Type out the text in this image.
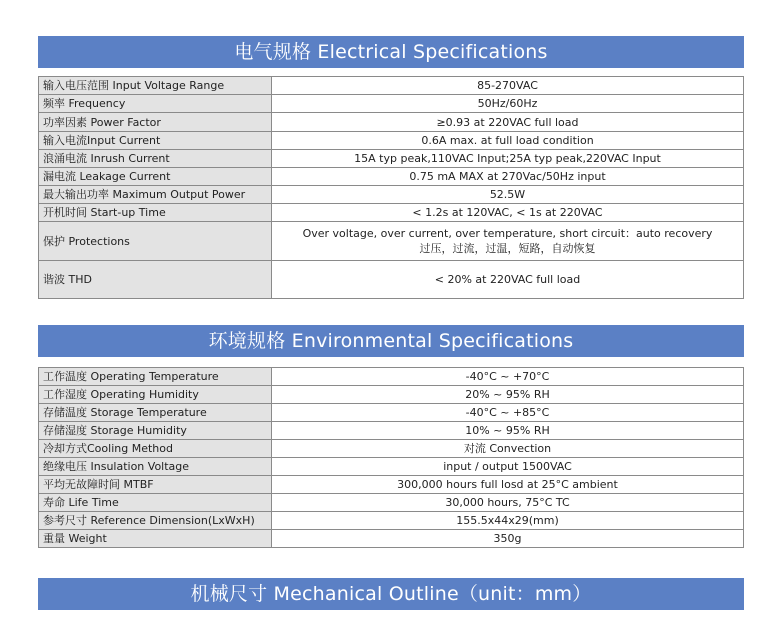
电气规格 Electrical Specifications
输入电压范围 Input Voltage Range	85-270VAC
频率 Frequency	50Hz/60Hz
功率因素 Power Factor	≥0.93 at 220VAC full load
输入电流Input Current	0.6A max. at full load condition
浪涌电流 Inrush Current	15A typ peak,110VAC Input;25A typ peak,220VAC Input
漏电流 Leakage Current	0.75 mA MAX at 270Vac/50Hz input
最大输出功率 Maximum Output Power	52.5W
开机时间 Start-up Time	< 1.2s at 120VAC, < 1s at 220VAC
保护 Protections	Over voltage, over current, over temperature, short circuit：auto recovery
过压，过流，过温，短路，自动恢复

谐波 THD	< 20% at 220VAC full load
环境规格 Environmental Specifications
工作温度 Operating Temperature	-40°C ~ +70°C
工作湿度 Operating Humidity	20% ~ 95% RH
存储温度 Storage Temperature	-40°C ~ +85°C
存储湿度 Storage Humidity	10% ~ 95% RH
冷却方式Cooling Method	对流 Convection
绝缘电压 Insulation Voltage	input / output 1500VAC
平均无故障时间 MTBF	300,000 hours full losd at 25°C ambient
寿命 Life Time	30,000 hours, 75°C TC
参考尺寸 Reference Dimension(LxWxH)	155.5x44x29(mm)
重量 Weight	350g
机械尺寸 Mechanical Outline（unit：mm）
